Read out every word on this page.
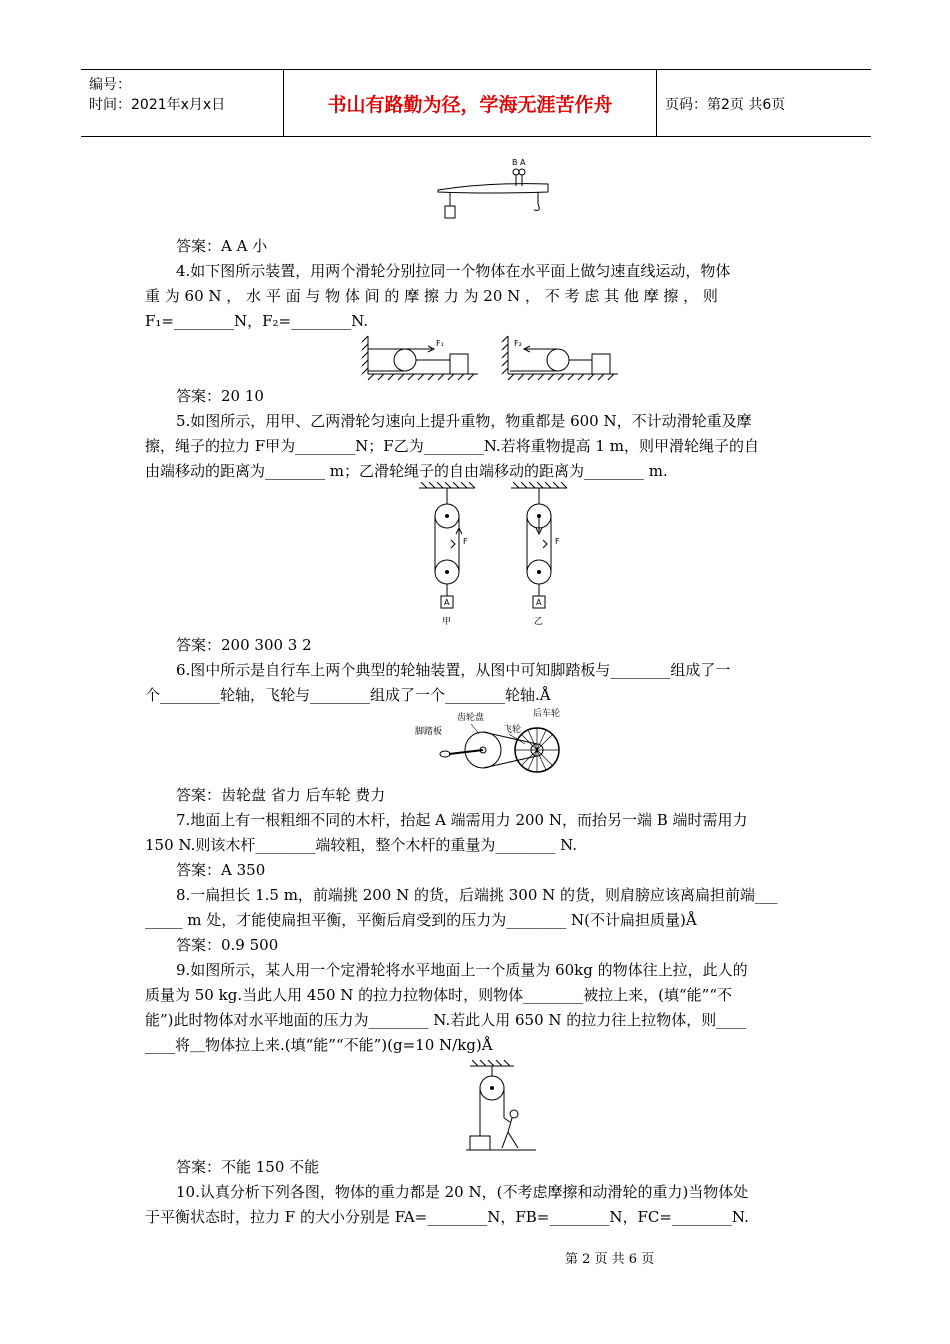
编号：
时间：2021年x月x日	书山有路勤为径，学海无涯苦作舟	页码：第2页 共6页
B A
答案：A A 小
4.如下图所示装置，用两个滑轮分别拉同一个物体在水平面上做匀速直线运动，物体
重 为 60 N ， 水 平 面 与 物 体 间 的 摩 擦 力 为 20 N ， 不 考 虑 其 他 摩 擦 ， 则
F₁=________N，F₂=________N.
F₁	F₂
答案：20 10
5.如图所示，用甲、乙两滑轮匀速向上提升重物，物重都是 600 N，不计动滑轮重及摩
擦，绳子的拉力 F甲为________N；F乙为________N.若将重物提高 1 m，则甲滑轮绳子的自
由端移动的距离为________ m；乙滑轮绳子的自由端移动的距离为________ m.
F
A
甲
F
A
乙
答案：200 300 3 2
6.图中所示是自行车上两个典型的轮轴装置，从图中可知脚踏板与________组成了一
个________轮轴，飞轮与________组成了一个________轮轴.Å
脚踏板
齿轮盘
飞轮
后车轮
答案：齿轮盘 省力 后车轮 费力
7.地面上有一根粗细不同的木杆，抬起 A 端需用力 200 N，而抬另一端 B 端时需用力
150 N.则该木杆________端较粗，整个木杆的重量为________ N.
答案：A 350
8.一扁担长 1.5 m，前端挑 200 N 的货，后端挑 300 N 的货，则肩膀应该离扁担前端___
_____ m 处，才能使扁担平衡，平衡后肩受到的压力为________ N(不计扁担质量)Å
答案：0.9 500
9.如图所示，某人用一个定滑轮将水平地面上一个质量为 60kg 的物体往上拉，此人的
质量为 50 kg.当此人用 450 N 的拉力拉物体时，则物体________被拉上来，(填“能”“不
能”)此时物体对水平地面的压力为________ N.若此人用 650 N 的拉力往上拉物体，则____
____将＿物体拉上来.(填“能”“不能”)(g=10 N/kg)Å
答案：不能 150 不能
10.认真分析下列各图，物体的重力都是 20 N，(不考虑摩擦和动滑轮的重力)当物体处
于平衡状态时，拉力 F 的大小分别是 FA=________N，FB=________N，FC=________N.
第 2 页 共 6 页
